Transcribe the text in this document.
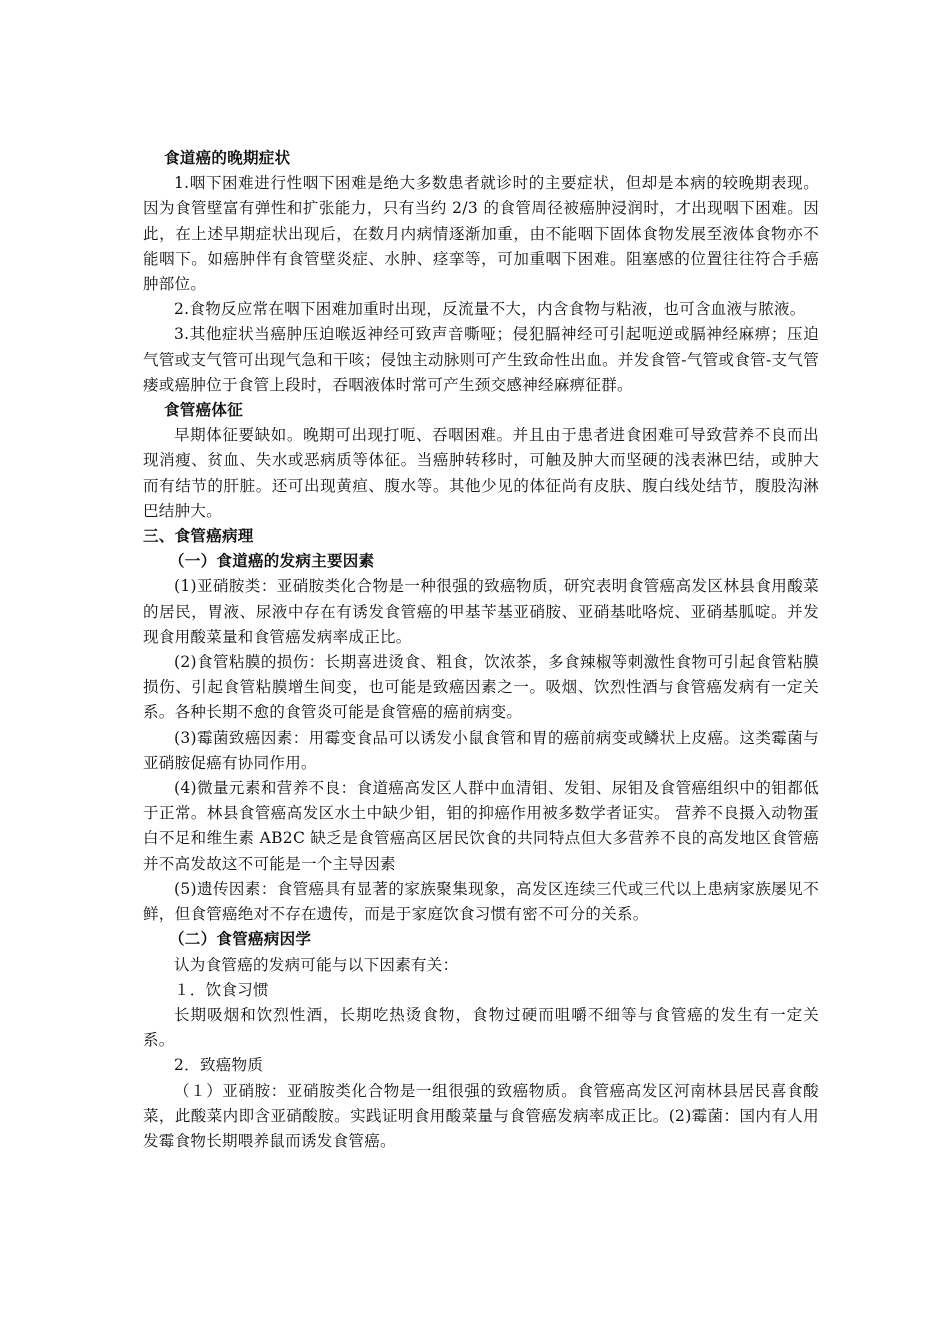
食道癌的晚期症状

1.咽下困难进行性咽下困难是绝大多数患者就诊时的主要症状，但却是本病的较晚期表现。因为食管壁富有弹性和扩张能力，只有当约 2/3 的食管周径被癌肿浸润时，才出现咽下困难。因此，在上述早期症状出现后，在数月内病情逐渐加重，由不能咽下固体食物发展至液体食物亦不能咽下。如癌肿伴有食管壁炎症、水肿、痉挛等，可加重咽下困难。阻塞感的位置往往符合手癌肿部位。

2.食物反应常在咽下困难加重时出现，反流量不大，内含食物与粘液，也可含血液与脓液。

3.其他症状当癌肿压迫喉返神经可致声音嘶哑；侵犯膈神经可引起呃逆或膈神经麻痹；压迫气管或支气管可出现气急和干咳；侵蚀主动脉则可产生致命性出血。并发食管-气管或食管-支气管瘘或癌肿位于食管上段时，吞咽液体时常可产生颈交感神经麻痹征群。

食管癌体征

早期体征要缺如。晚期可出现打呃、吞咽困难。并且由于患者进食困难可导致营养不良而出现消瘦、贫血、失水或恶病质等体征。当癌肿转移时，可触及肿大而坚硬的浅表淋巴结，或肿大而有结节的肝脏。还可出现黄疸、腹水等。其他少见的体征尚有皮肤、腹白线处结节，腹股沟淋巴结肿大。

三、食管癌病理

（一）食道癌的发病主要因素

(1)亚硝胺类：亚硝胺类化合物是一种很强的致癌物质，研究表明食管癌高发区林县食用酸菜的居民，胃液、尿液中存在有诱发食管癌的甲基苄基亚硝胺、亚硝基吡咯烷、亚硝基胍啶。并发现食用酸菜量和食管癌发病率成正比。

(2)食管粘膜的损伤：长期喜进烫食、粗食，饮浓茶，多食辣椒等刺激性食物可引起食管粘膜损伤、引起食管粘膜增生间变，也可能是致癌因素之一。吸烟、饮烈性酒与食管癌发病有一定关系。各种长期不愈的食管炎可能是食管癌的癌前病变。

(3)霉菌致癌因素：用霉变食品可以诱发小鼠食管和胃的癌前病变或鳞状上皮癌。这类霉菌与亚硝胺促癌有协同作用。

(4)微量元素和营养不良：食道癌高发区人群中血清钼、发钼、尿钼及食管癌组织中的钼都低于正常。林县食管癌高发区水土中缺少钼，钼的抑癌作用被多数学者证实。 营养不良摄入动物蛋白不足和维生素 AB2C 缺乏是食管癌高区居民饮食的共同特点但大多营养不良的高发地区食管癌并不高发故这不可能是一个主导因素

(5)遗传因素：食管癌具有显著的家族聚集现象，高发区连续三代或三代以上患病家族屡见不鲜，但食管癌绝对不存在遗传，而是于家庭饮食习惯有密不可分的关系。

（二）食管癌病因学

认为食管癌的发病可能与以下因素有关：

１．饮食习惯

长期吸烟和饮烈性酒，长期吃热烫食物，食物过硬而咀嚼不细等与食管癌的发生有一定关系。

2．致癌物质

（１）亚硝胺：亚硝胺类化合物是一组很强的致癌物质。食管癌高发区河南林县居民喜食酸菜，此酸菜内即含亚硝酸胺。实践证明食用酸菜量与食管癌发病率成正比。(2)霉菌：国内有人用发霉食物长期喂养鼠而诱发食管癌。
